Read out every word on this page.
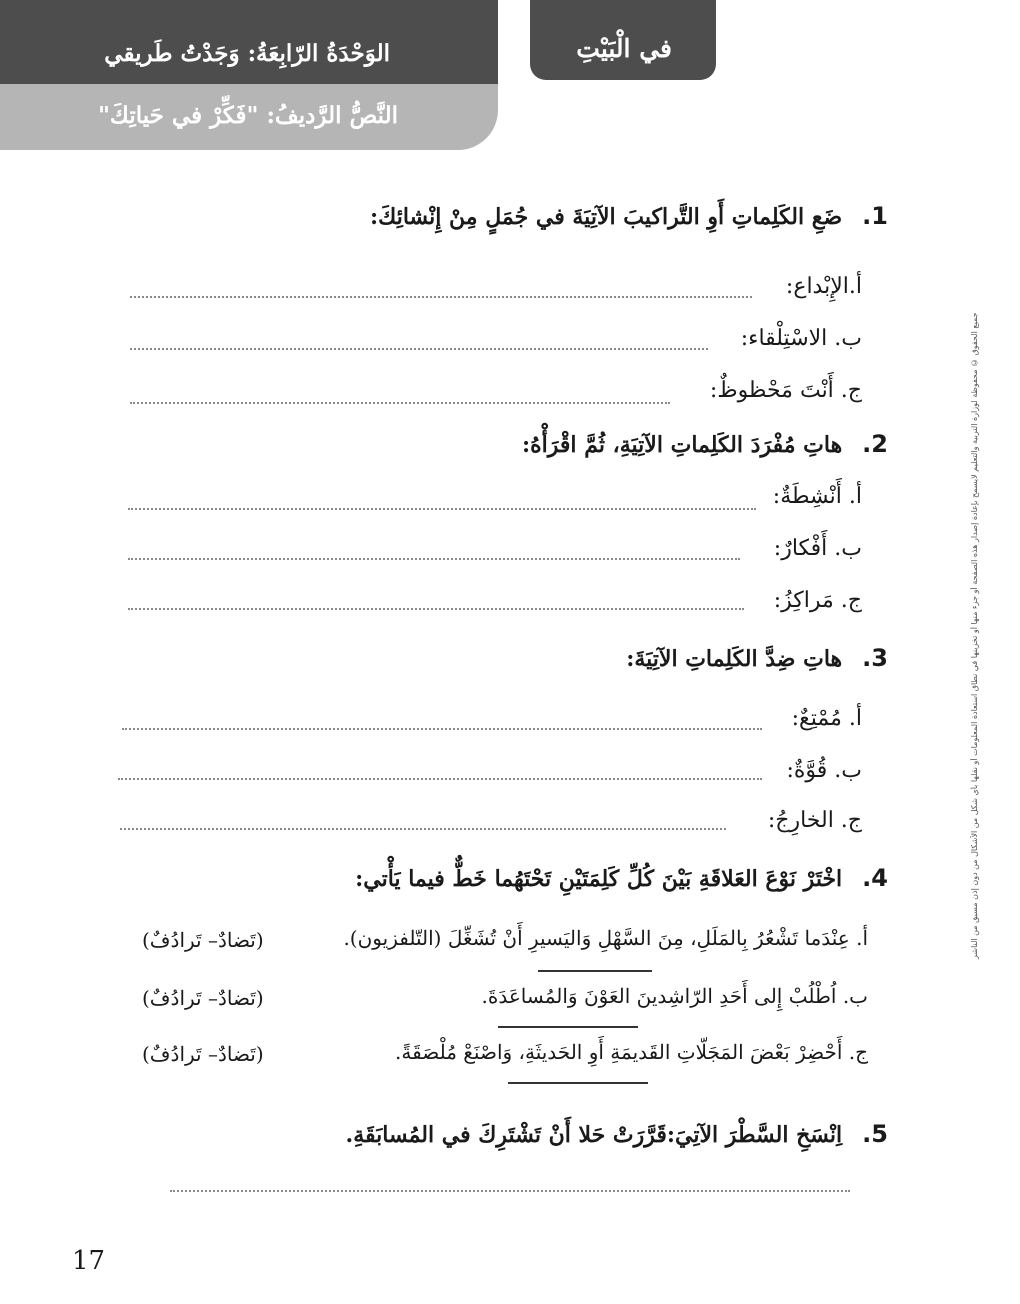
الوَحْدَةُ الرّابِعَةُ: وَجَدْتُ طَريقي
النَّصُّ الرَّديفُ: "فَكِّرْ في حَياتِكَ"
في الْبَيْتِ
1.ضَعِ الكَلِماتِ أَوِ التَّراكيبَ الآتِيَةَ في جُمَلٍ مِنْ إِنْشائِكَ:
أ.الإِبْداع:
ب. الاسْتِلْقاء:
ج. أَنْتَ مَحْظوظٌ:
2.هاتِ مُفْرَدَ الكَلِماتِ الآتِيَةِ، ثُمَّ اقْرَأْهُ:
أ. أَنْشِطَةٌ:
ب. أَفْكارٌ:
ج. مَراكِزُ:
3.هاتِ ضِدَّ الكَلِماتِ الآتِيَةَ:
أ. مُمْتِعٌ:
ب. قُوَّةٌ:
ج. الخارِجُ:
4.اخْتَرْ نَوْعَ العَلاقَةِ بَيْنَ كُلِّ كَلِمَتَيْنِ تَحْتَهُما خَطٌّ فيما يَأْتي:
أ. عِنْدَما تَشْعُرُ بِالمَلَلِ، مِنَ السَّهْلِ وَاليَسيرِ أَنْ تُشَغِّلَ (التّلفزيون).
(تَضادٌ– تَرادُفٌ)
ب. اُطْلُبْ إِلى أَحَدِ الرّاشِدينَ العَوْنَ وَالمُساعَدَةَ.
(تَضادٌ– تَرادُفٌ)
ج. أَحْضِرْ بَعْضَ المَجَلّاتِ القَديمَةِ أَوِ الحَديثَةِ، وَاصْنَعْ مُلْصَقَةً.
(تَضادٌ– تَرادُفٌ)
5.اِنْسَخِ السَّطْرَ الآتِيَ:قَرَّرَتْ حَلا أَنْ تَشْتَرِكَ في المُسابَقَةِ.
جميع الحقوق © محفوظة لوزارة التربية والتعليم لايسمح بإعادة إصدار هذه الصفحة أو جزء منها أو تخزينها في نطاق استعادة المعلومات أو نقلها بأي شكل من الأشكال من دون إذن مسبق من الناشر
17
